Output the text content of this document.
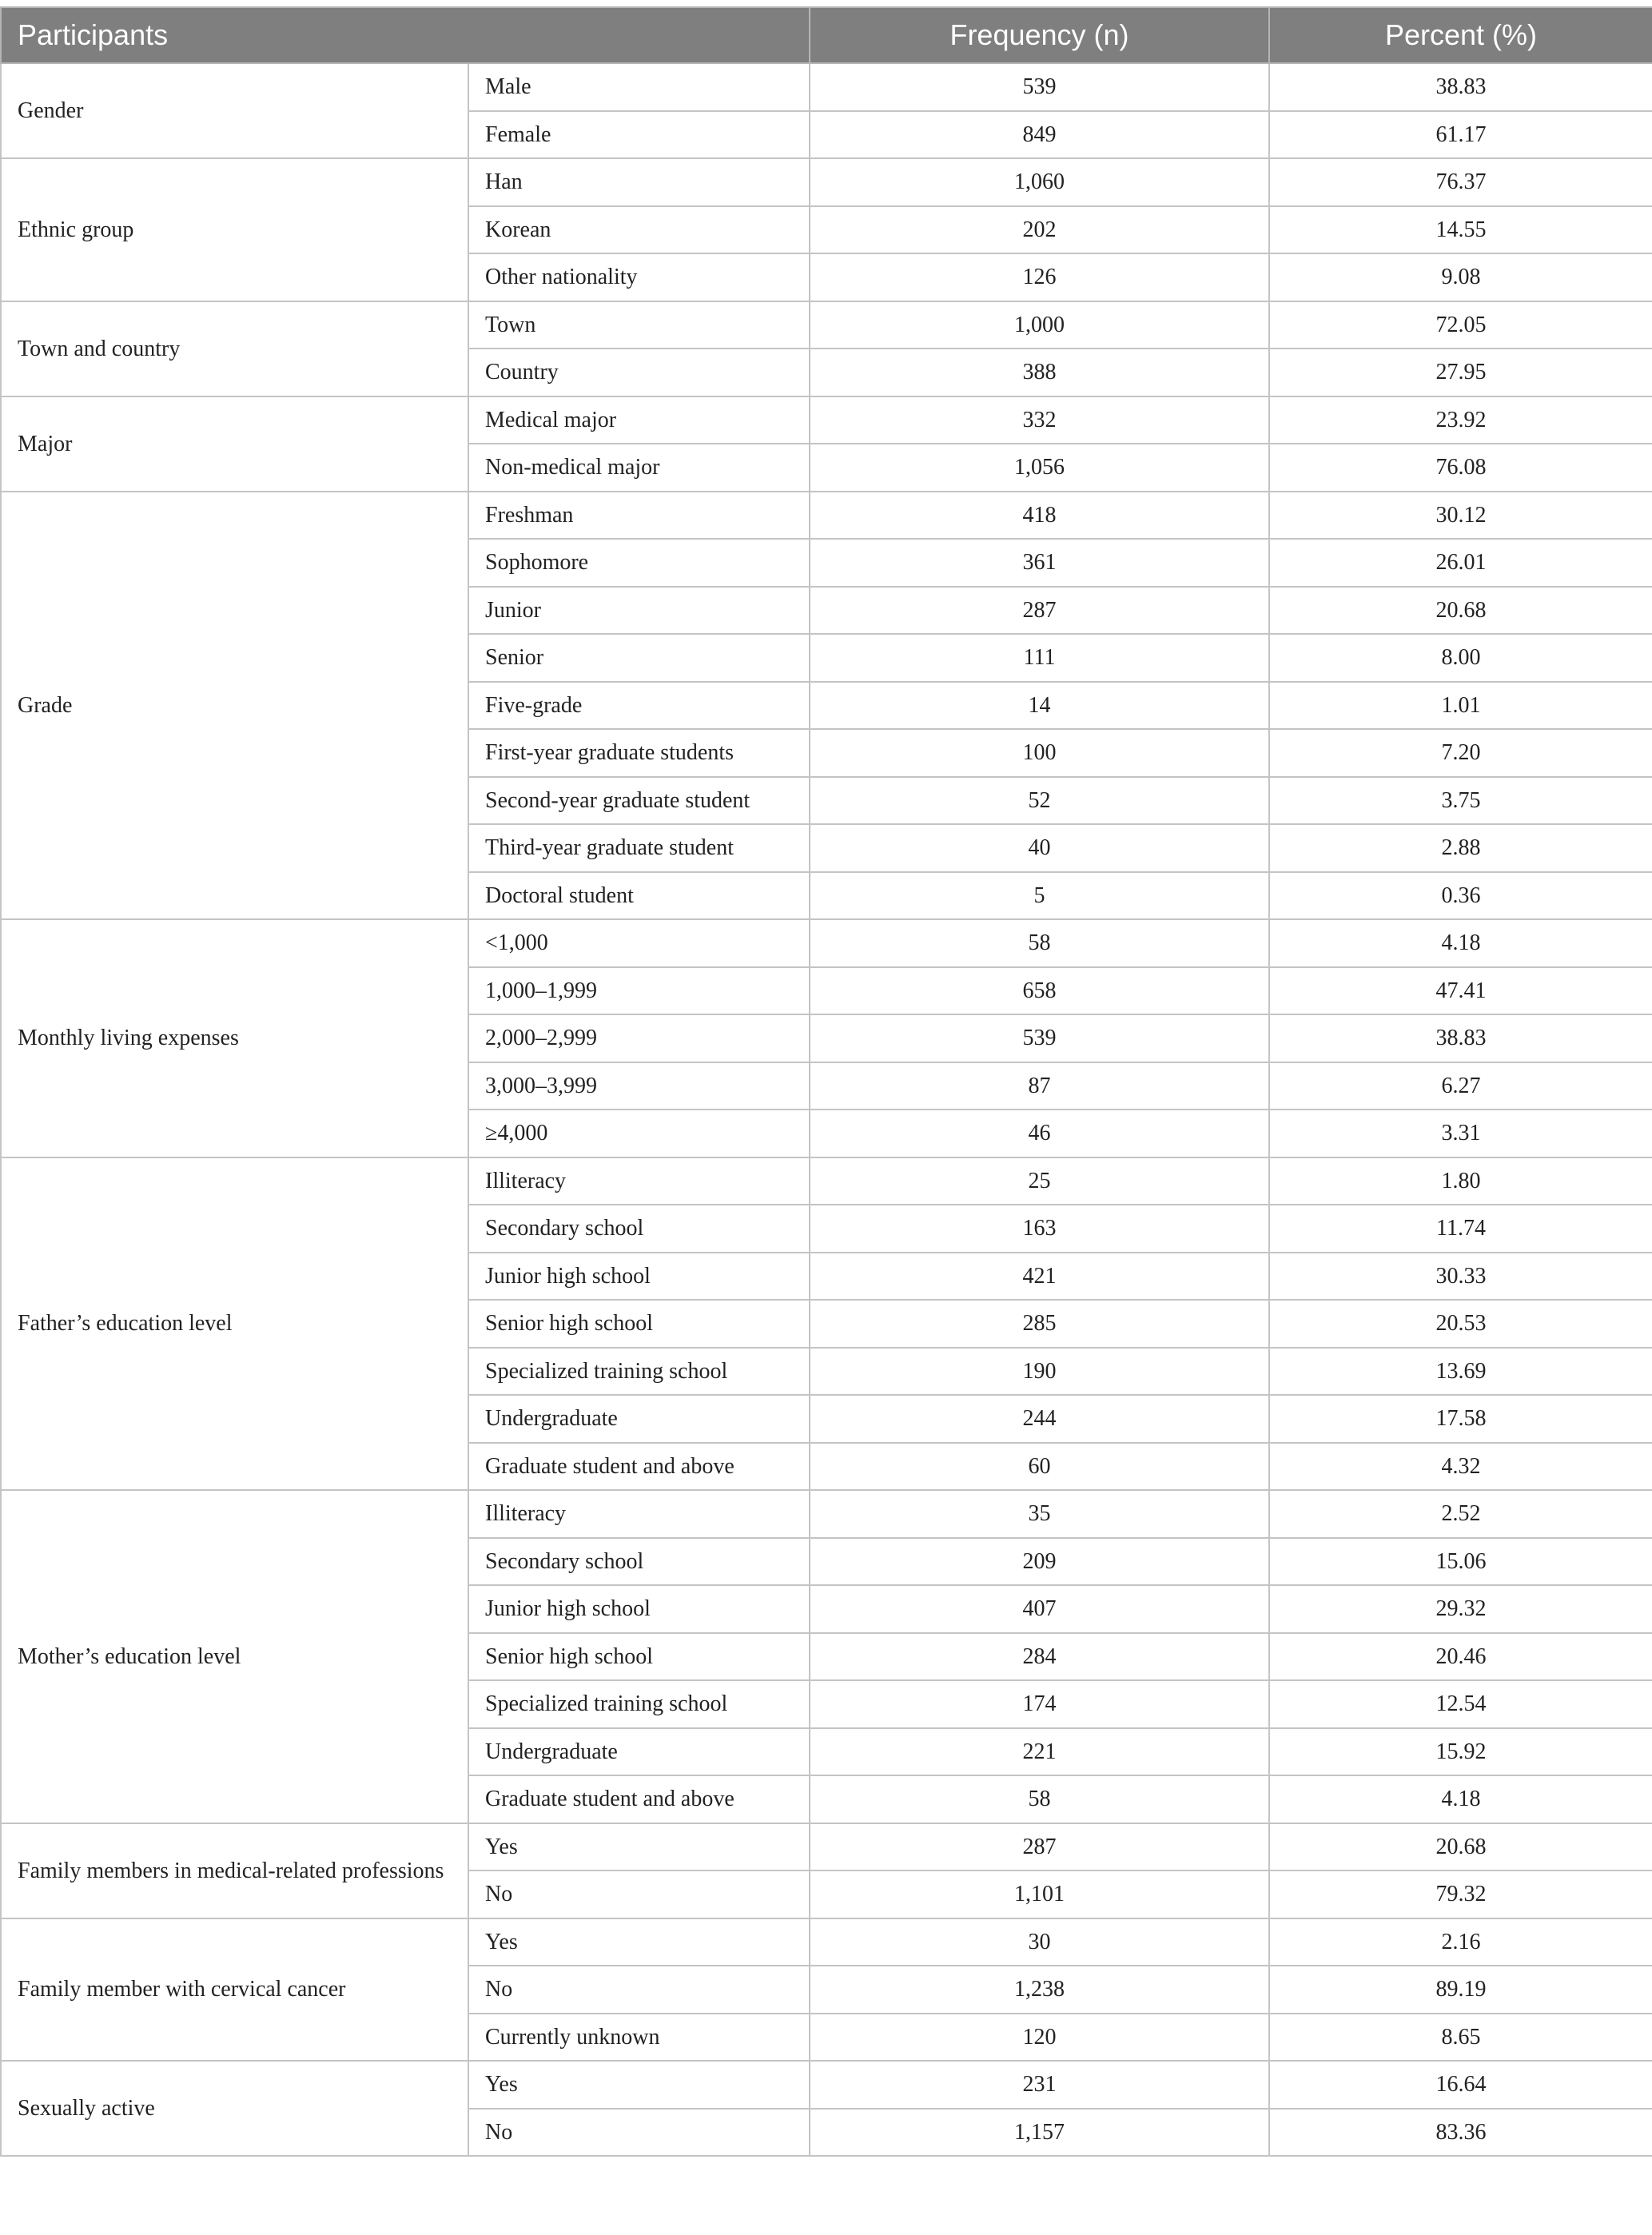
Participants		Frequency (n)	Percent (%)
Gender	Male	539	38.83
	Female	849	61.17
Ethnic group	Han	1,060	76.37
	Korean	202	14.55
	Other nationality	126	9.08
Town and country	Town	1,000	72.05
	Country	388	27.95
Major	Medical major	332	23.92
	Non-medical major	1,056	76.08
Grade	Freshman	418	30.12
	Sophomore	361	26.01
	Junior	287	20.68
	Senior	111	8.00
	Five-grade	14	1.01
	First-year graduate students	100	7.20
	Second-year graduate student	52	3.75
	Third-year graduate student	40	2.88
	Doctoral student	5	0.36
Monthly living expenses	<1,000	58	4.18
	1,000–1,999	658	47.41
	2,000–2,999	539	38.83
	3,000–3,999	87	6.27
	≥4,000	46	3.31
Father’s education level	Illiteracy	25	1.80
	Secondary school	163	11.74
	Junior high school	421	30.33
	Senior high school	285	20.53
	Specialized training school	190	13.69
	Undergraduate	244	17.58
	Graduate student and above	60	4.32
Mother’s education level	Illiteracy	35	2.52
	Secondary school	209	15.06
	Junior high school	407	29.32
	Senior high school	284	20.46
	Specialized training school	174	12.54
	Undergraduate	221	15.92
	Graduate student and above	58	4.18
Family members in medical-related professions	Yes	287	20.68
	No	1,101	79.32
Family member with cervical cancer	Yes	30	2.16
	No	1,238	89.19
	Currently unknown	120	8.65
Sexually active	Yes	231	16.64
	No	1,157	83.36
